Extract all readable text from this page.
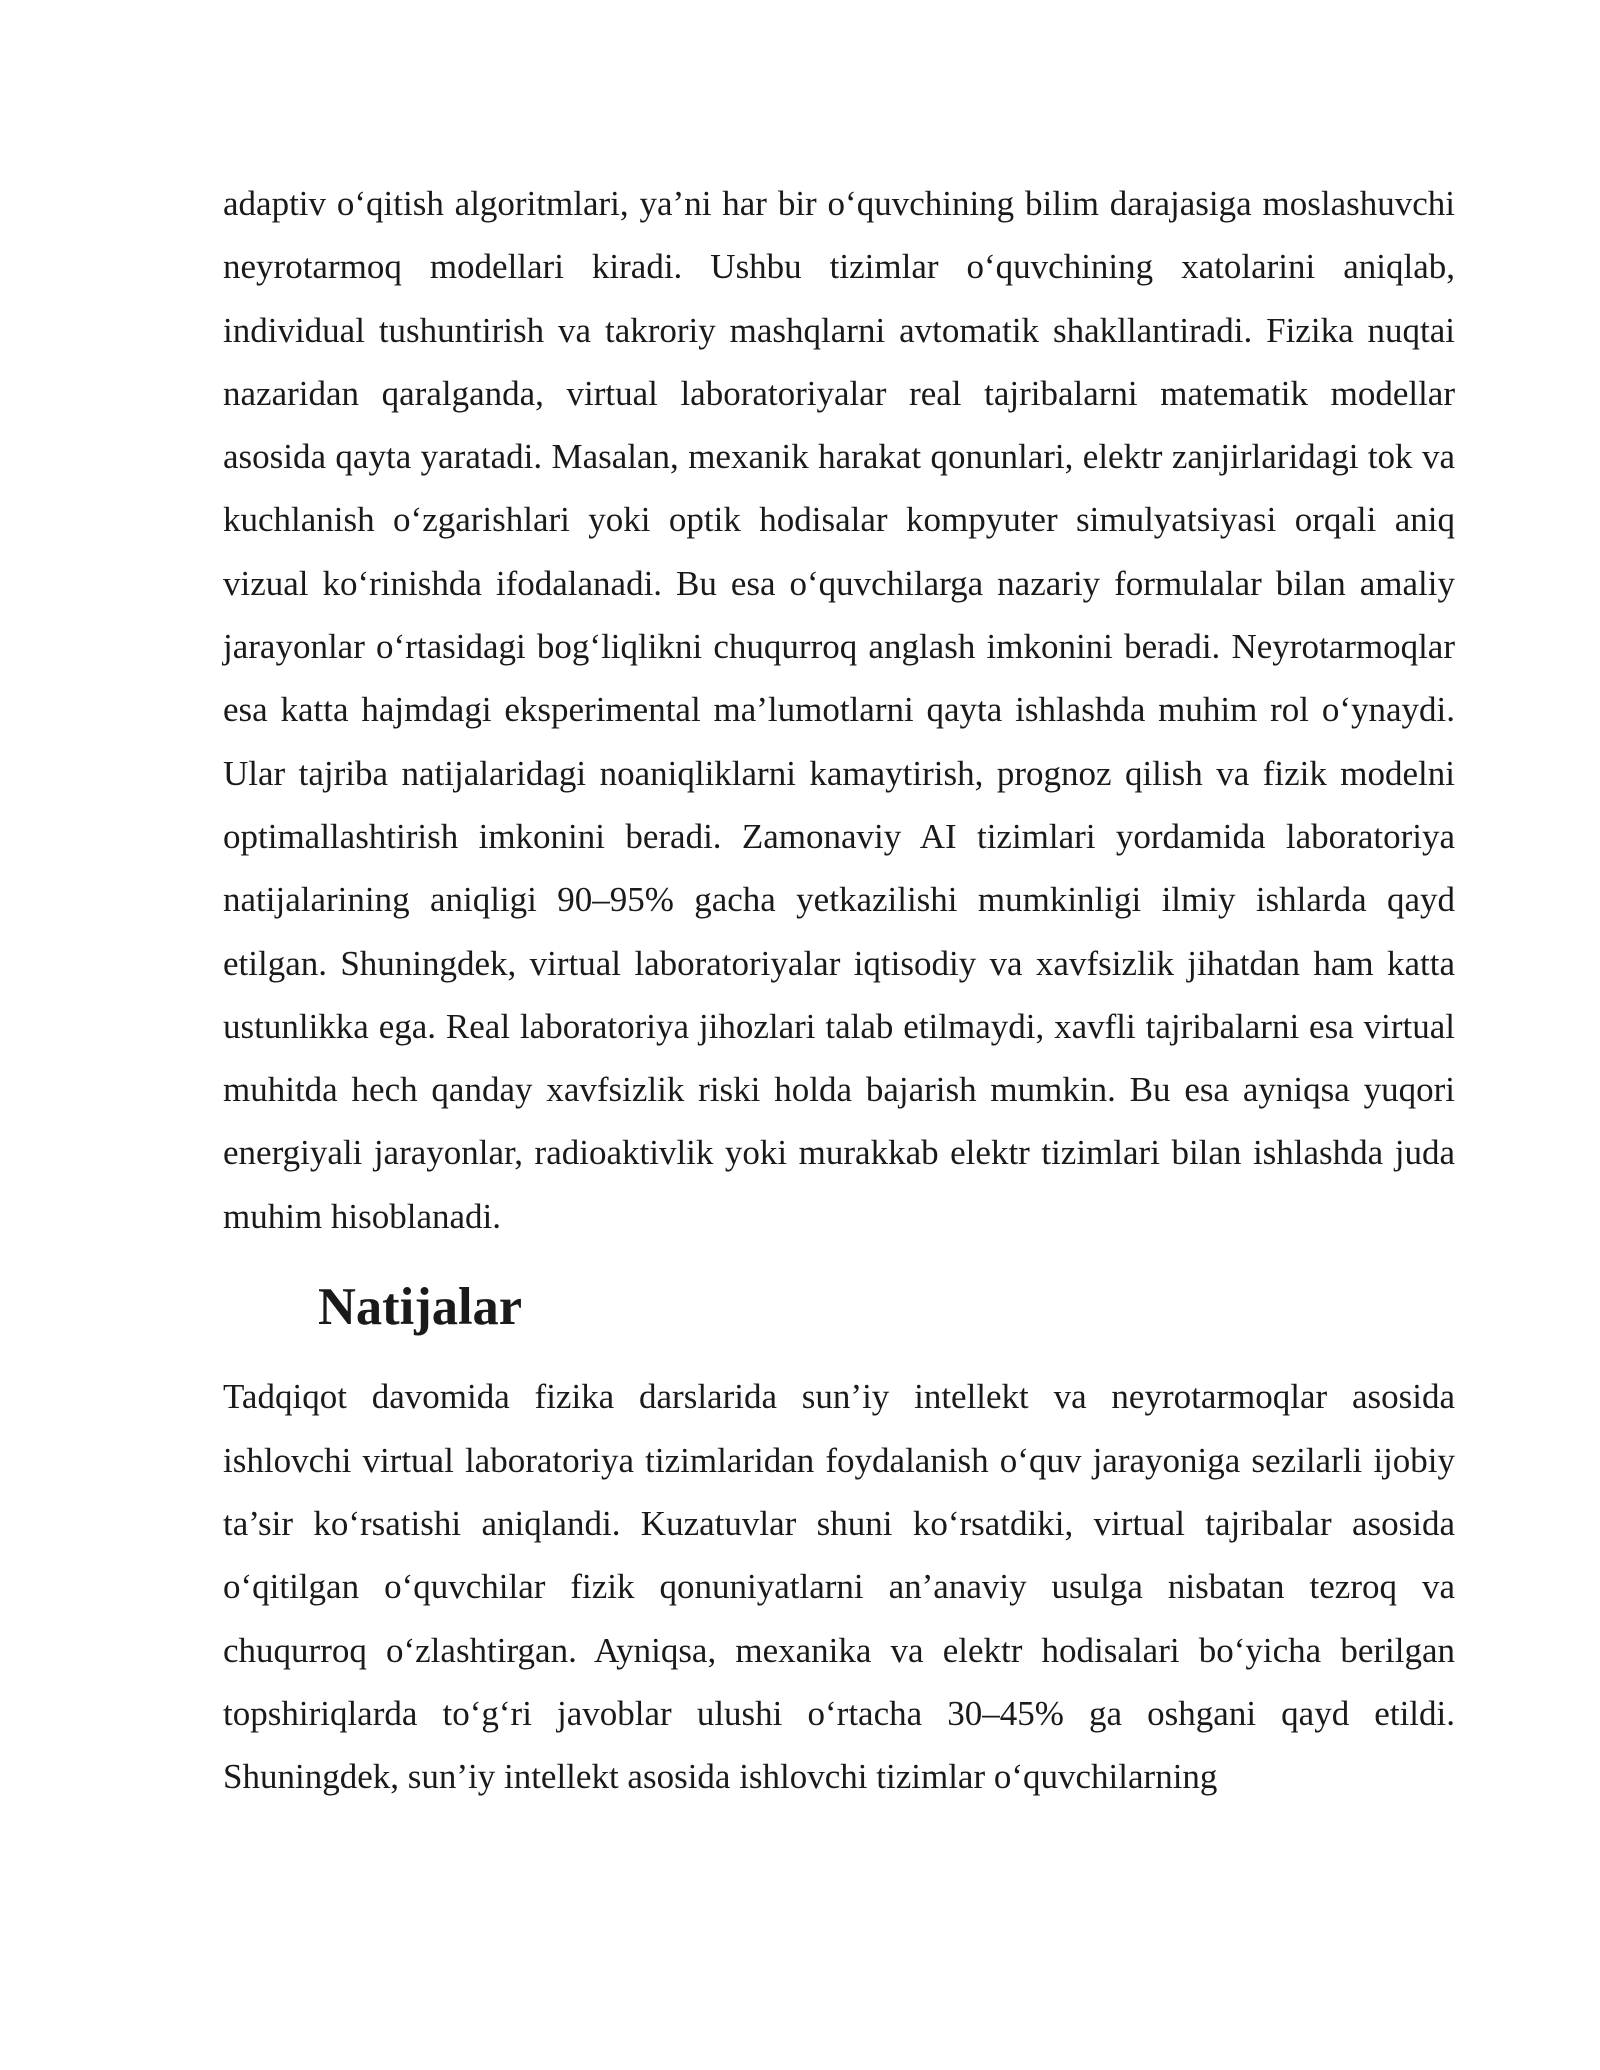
adaptiv o‘qitish algoritmlari, ya’ni har bir o‘quvchining bilim darajasiga moslashuvchi neyrotarmoq modellari kiradi. Ushbu tizimlar o‘quvchining xatolarini aniqlab, individual tushuntirish va takroriy mashqlarni avtomatik shakllantiradi. Fizika nuqtai nazaridan qaralganda, virtual laboratoriyalar real tajribalarni matematik modellar asosida qayta yaratadi. Masalan, mexanik harakat qonunlari, elektr zanjirlaridagi tok va kuchlanish o‘zgarishlari yoki optik hodisalar kompyuter simulyatsiyasi orqali aniq vizual ko‘rinishda ifodalanadi. Bu esa o‘quvchilarga nazariy formulalar bilan amaliy jarayonlar o‘rtasidagi bog‘liqlikni chuqurroq anglash imkonini beradi. Neyrotarmoqlar esa katta hajmdagi eksperimental ma’lumotlarni qayta ishlashda muhim rol o‘ynaydi. Ular tajriba natijalaridagi noaniqliklarni kamaytirish, prognoz qilish va fizik modelni optimallashtirish imkonini beradi. Zamonaviy AI tizimlari yordamida laboratoriya natijalarining aniqligi 90–95% gacha yetkazilishi mumkinligi ilmiy ishlarda qayd etilgan. Shuningdek, virtual laboratoriyalar iqtisodiy va xavfsizlik jihatdan ham katta ustunlikka ega. Real laboratoriya jihozlari talab etilmaydi, xavfli tajribalarni esa virtual muhitda hech qanday xavfsizlik riski holda bajarish mumkin. Bu esa ayniqsa yuqori energiyali jarayonlar, radioaktivlik yoki murakkab elektr tizimlari bilan ishlashda juda muhim hisoblanadi.

Natijalar

Tadqiqot davomida fizika darslarida sun’iy intellekt va neyrotarmoqlar asosida ishlovchi virtual laboratoriya tizimlaridan foydalanish o‘quv jarayoniga sezilarli ijobiy ta’sir ko‘rsatishi aniqlandi. Kuzatuvlar shuni ko‘rsatdiki, virtual tajribalar asosida o‘qitilgan o‘quvchilar fizik qonuniyatlarni an’anaviy usulga nisbatan tezroq va chuqurroq o‘zlashtirgan. Ayniqsa, mexanika va elektr hodisalari bo‘yicha berilgan topshiriqlarda to‘g‘ri javoblar ulushi o‘rtacha 30–45% ga oshgani qayd etildi. Shuningdek, sun’iy intellekt asosida ishlovchi tizimlar o‘quvchilarning
